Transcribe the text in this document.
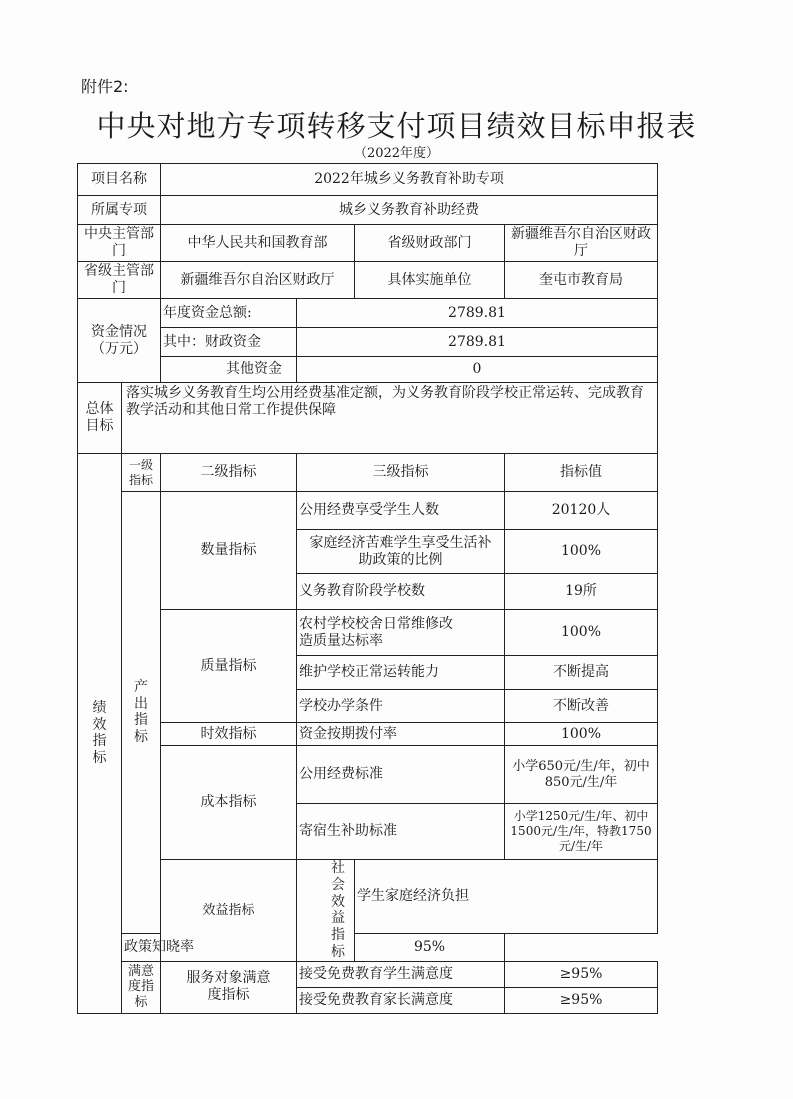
附件2:
中央对地方专项转移支付项目绩效目标申报表
（2022年度）
项目名称		2022年城乡义务教育补助专项				
所属专项		城乡义务教育补助经费				
中央主管部门		中华人民共和国教育部		省级财政部门	新疆维吾尔自治区财政厅	
省级主管部门		新疆维吾尔自治区财政厅		具体实施单位	奎屯市教育局	
资金情况（万元）		年度资金总额:	2789.81			
		其中：财政资金	2789.81			
		其他资金	0			
总体目标	落实城乡义务教育生均公用经费基准定额，为义务教育阶段学校正常运转、完成教育教学活动和其他日常工作提供保障					
绩效指标	一级指标	二级指标	三级指标		指标值	
	产出指标	数量指标	公用经费享受学生人数		20120人	
			家庭经济苦难学生享受生活补助政策的比例		100%	
			义务教育阶段学校数		19所	
		质量指标	农村学校校舍日常维修改造质量达标率		100%	
			维护学校正常运转能力		不断提高	
			学校办学条件		不断改善	
		时效指标	资金按期拨付率		100%	
		成本指标	公用经费标准		小学650元/生/年，初中850元/生/年	
			寄宿生补助标准		小学1250元/生/年、初中1500元/生/年，特教1750元/生/年	
		效益指标	社会效益指标	学生家庭经济负担	
	政策知晓率			95%		
	满意度指标	服务对象满意度指标	接受免费教育学生满意度		≥95%	
			接受免费教育家长满意度		≥95%	
